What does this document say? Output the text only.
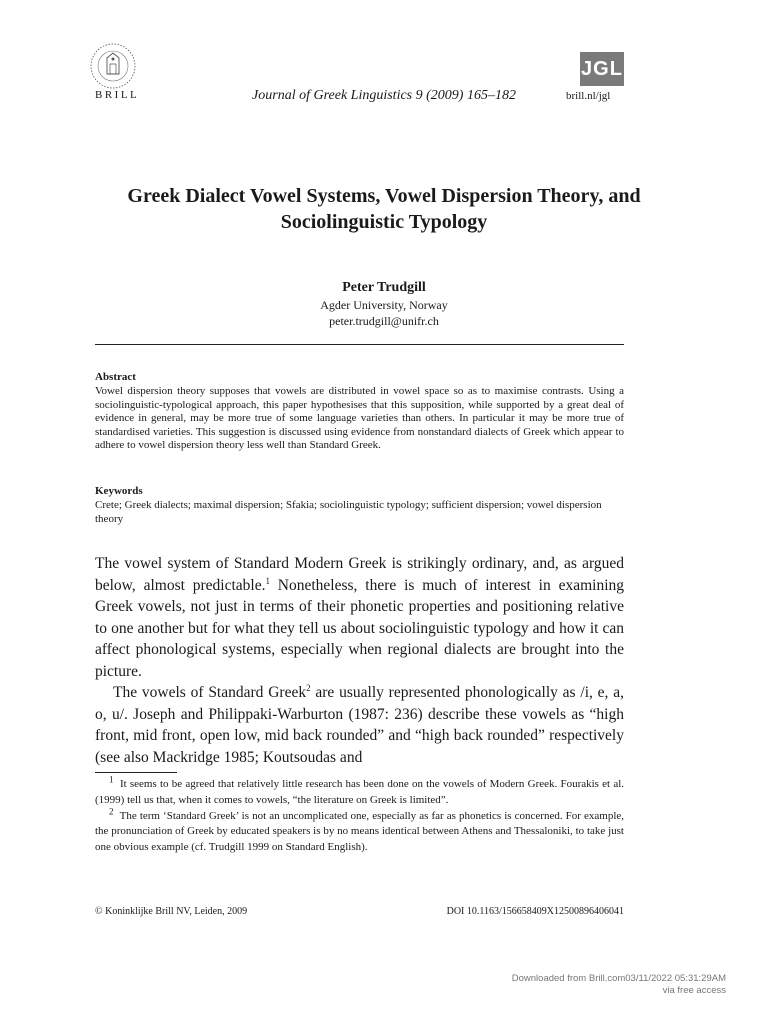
BRILL	Journal of Greek Linguistics 9 (2009) 165–182
JGL
brill.nl/jgl
Greek Dialect Vowel Systems, Vowel Dispersion Theory, and Sociolinguistic Typology
Peter Trudgill
Agder University, Norway
peter.trudgill@unifr.ch
Abstract
Vowel dispersion theory supposes that vowels are distributed in vowel space so as to maximise contrasts. Using a sociolinguistic-typological approach, this paper hypothesises that this supposition, while supported by a great deal of evidence in general, may be more true of some language varieties than others. In particular it may be more true of standardised varieties. This suggestion is discussed using evidence from nonstandard dialects of Greek which appear to adhere to vowel dispersion theory less well than Standard Greek.
Keywords
Crete; Greek dialects; maximal dispersion; Sfakia; sociolinguistic typology; sufficient dispersion; vowel dispersion theory

The vowel system of Standard Modern Greek is strikingly ordinary, and, as argued below, almost predictable.$^1$ Nonetheless, there is much of interest in examining Greek vowels, not just in terms of their phonetic properties and positioning relative to one another but for what they tell us about sociolinguistic typology and how it can affect phonological systems, especially when regional dialects are brought into the picture.

The vowels of Standard Greek$^2$ are usually represented phonologically as /i, e, a, o, u/. Joseph and Philippaki-Warburton (1987: 236) describe these vowels as “high front, mid front, open low, mid back rounded” and “high back rounded” respectively (see also Mackridge 1985; Koutsoudas and

$^1$ It seems to be agreed that relatively little research has been done on the vowels of Modern Greek. Fourakis et al. (1999) tell us that, when it comes to vowels, “the literature on Greek is limited”.

$^2$ The term ‘Standard Greek’ is not an uncomplicated one, especially as far as phonetics is concerned. For example, the pronunciation of Greek by educated speakers is by no means identical between Athens and Thessaloniki, to take just one obvious example (cf. Trudgill 1999 on Standard English).

© Koninklijke Brill NV, Leiden, 2009	DOI 10.1163/156658409X12500896406041
Downloaded from Brill.com03/11/2022 05:31:29AM
via free access
